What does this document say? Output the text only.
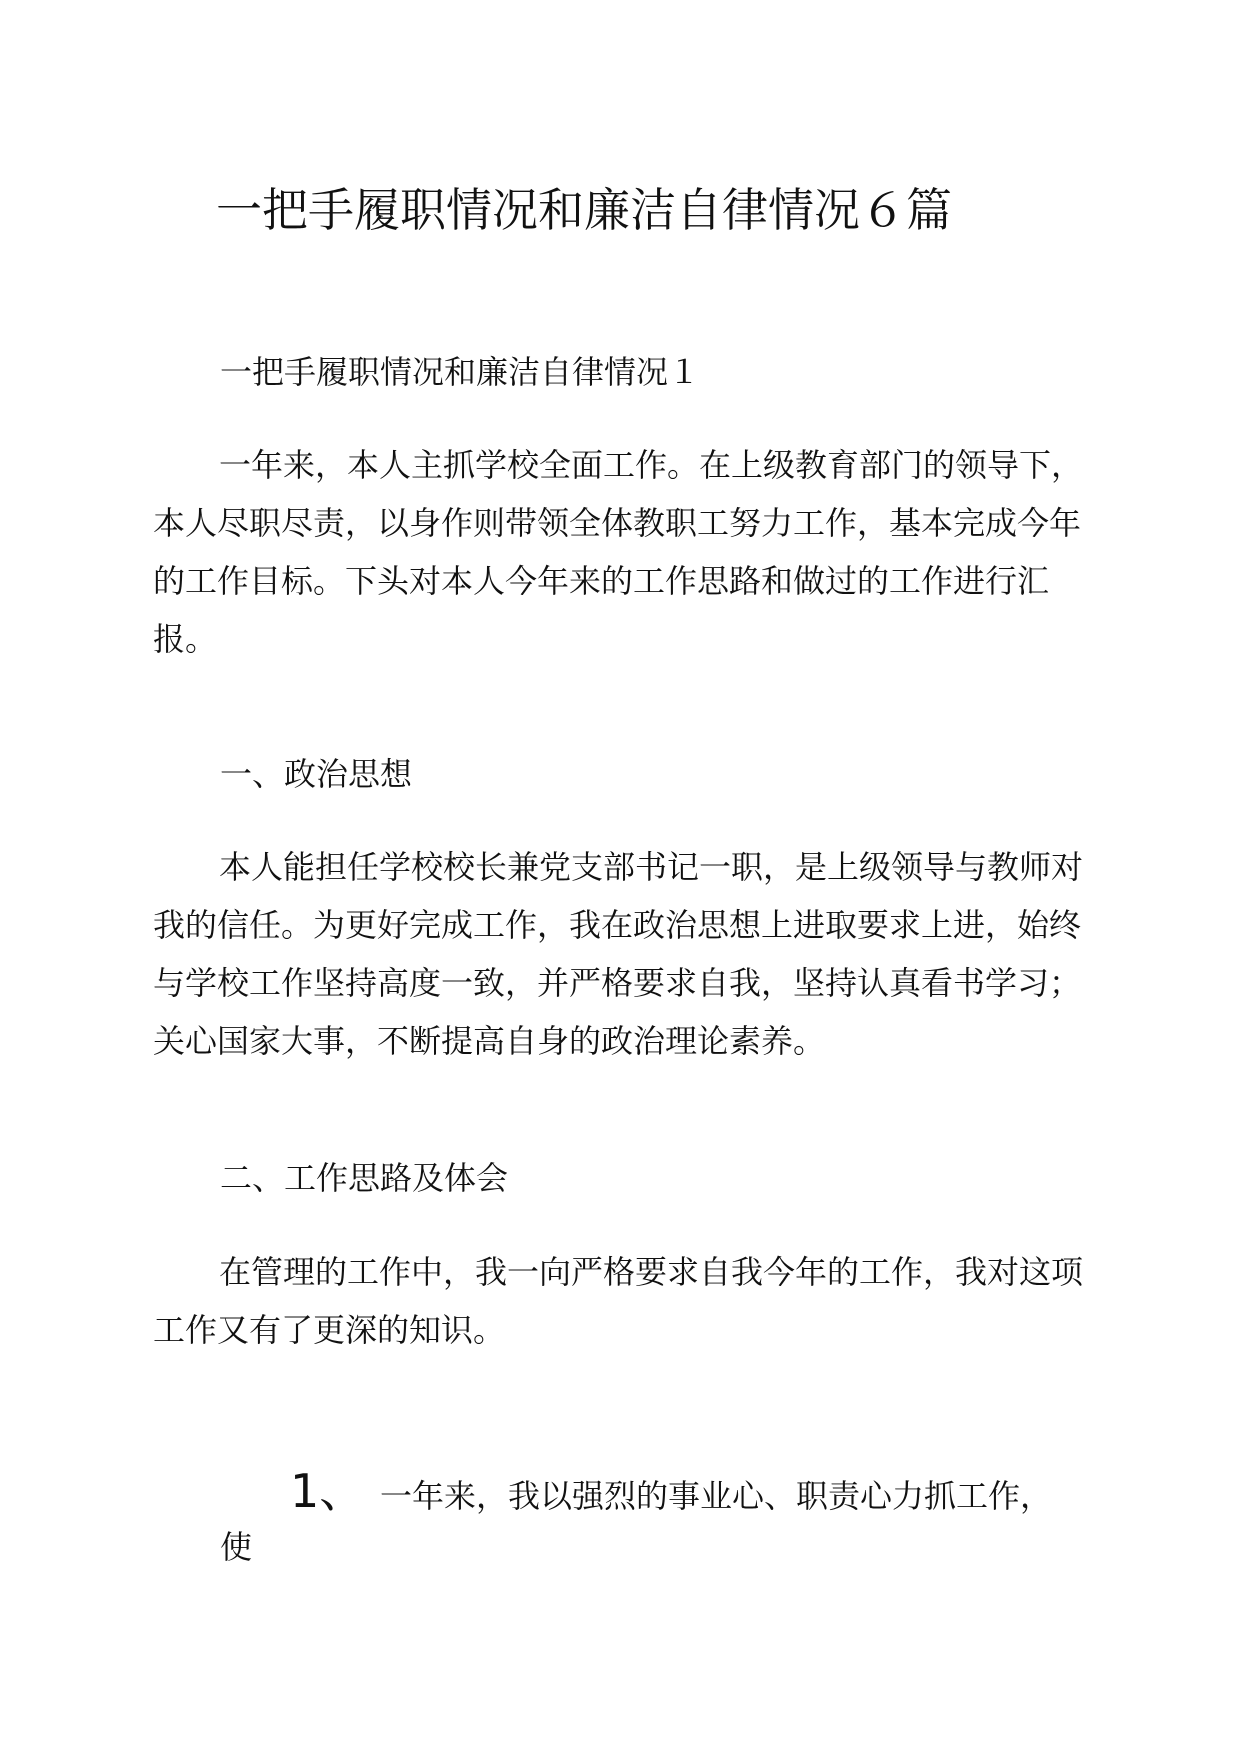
一把手履职情况和廉洁自律情况６篇
一把手履职情况和廉洁自律情况１
一年来，本人主抓学校全面工作。在上级教育部门的领导下，
本人尽职尽责，以身作则带领全体教职工努力工作，基本完成今年
的工作目标。下头对本人今年来的工作思路和做过的工作进行汇
报。
一、政治思想
本人能担任学校校长兼党支部书记一职，是上级领导与教师对
我的信任。为更好完成工作，我在政治思想上进取要求上进，始终
与学校工作坚持高度一致，并严格要求自我，坚持认真看书学习；
关心国家大事，不断提高自身的政治理论素养。
二、工作思路及体会
在管理的工作中，我一向严格要求自我今年的工作，我对这项
工作又有了更深的知识。
1、 一年来，我以强烈的事业心、职责心力抓工作，
使
